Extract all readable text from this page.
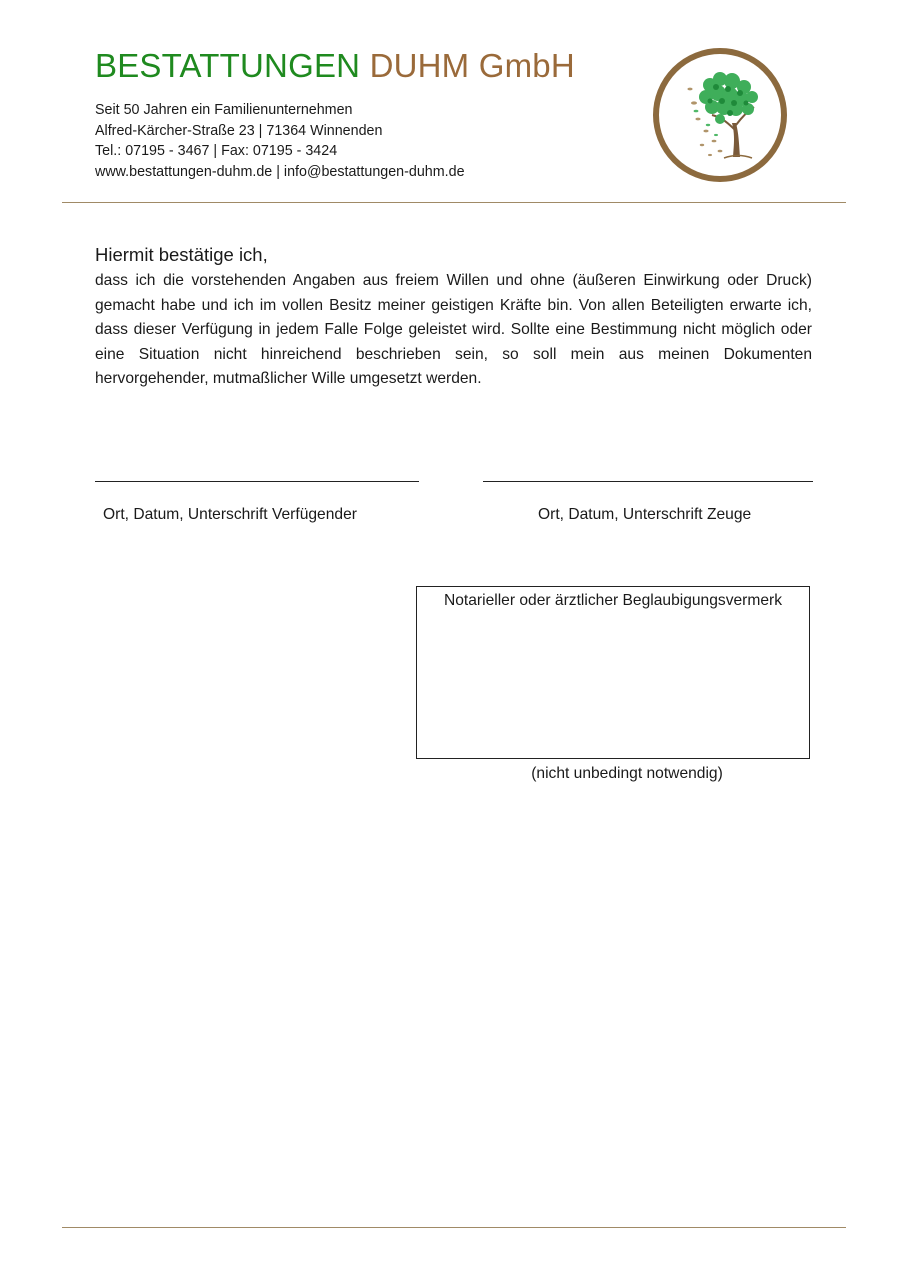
BESTATTUNGEN DUHM GmbH
Seit 50 Jahren ein Familienunternehmen
Alfred-Kärcher-Straße 23 | 71364 Winnenden
Tel.: 07195 - 3467 | Fax: 07195 - 3424
www.bestattungen-duhm.de | info@bestattungen-duhm.de
Hiermit bestätige ich,

dass ich die vorstehenden Angaben aus freiem Willen und ohne (äußeren Einwirkung oder Druck) gemacht habe und ich im vollen Besitz meiner geistigen Kräfte bin. Von allen Beteiligten erwarte ich, dass dieser Verfügung in jedem Falle Folge geleistet wird. Sollte eine Bestimmung nicht möglich oder eine Situation nicht hinreichend beschrieben sein, so soll mein aus meinen Dokumenten hervorgehender, mutmaßlicher Wille umgesetzt werden.

Ort, Datum, Unterschrift Verfügender	Ort, Datum, Unterschrift Zeuge
Notarieller oder ärztlicher Beglaubigungsvermerk
(nicht unbedingt notwendig)
